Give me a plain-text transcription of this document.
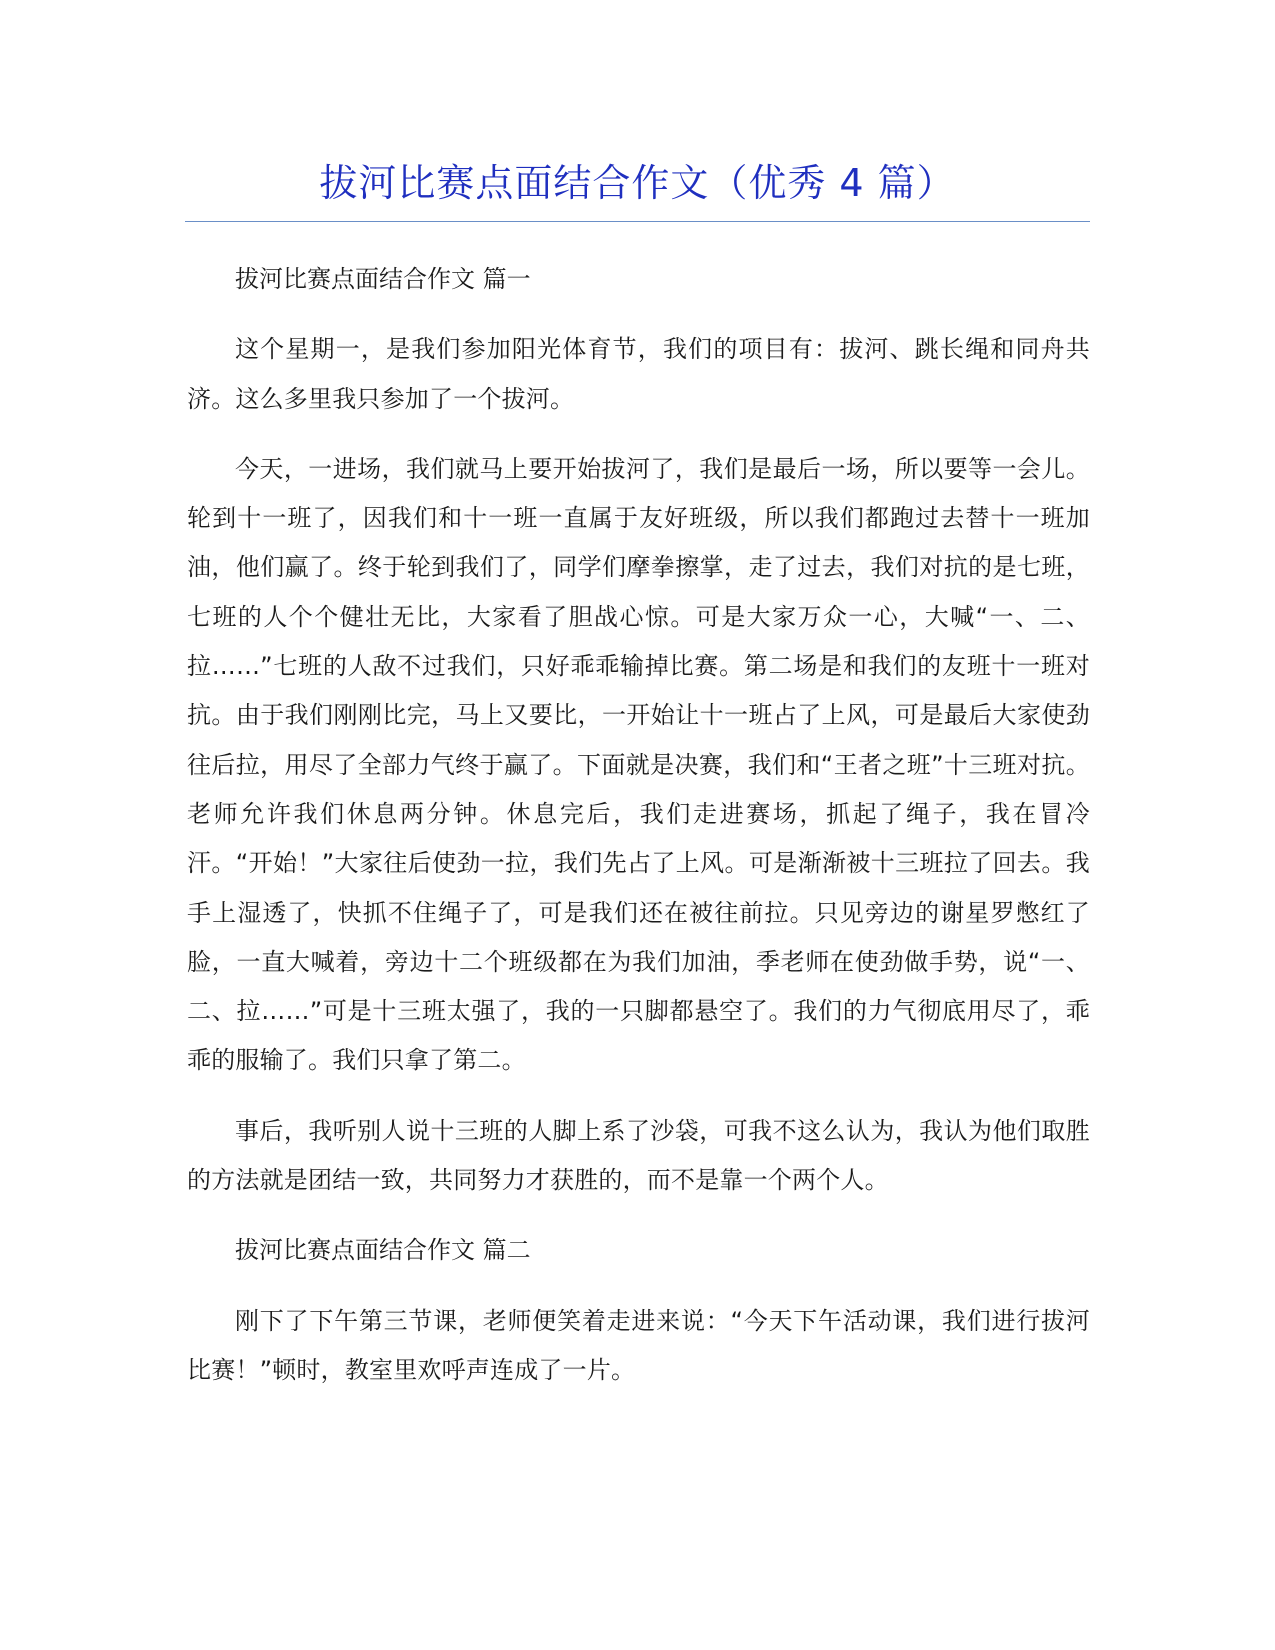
拔河比赛点面结合作文（优秀 4 篇）

拔河比赛点面结合作文 篇一

这个星期一，是我们参加阳光体育节，我们的项目有：拔河、跳长绳和同舟共济。这么多里我只参加了一个拔河。

今天，一进场，我们就马上要开始拔河了，我们是最后一场，所以要等一会儿。轮到十一班了，因我们和十一班一直属于友好班级，所以我们都跑过去替十一班加油，他们赢了。终于轮到我们了，同学们摩拳擦掌，走了过去，我们对抗的是七班，七班的人个个健壮无比，大家看了胆战心惊。可是大家万众一心，大喊“一、二、拉……”七班的人敌不过我们，只好乖乖输掉比赛。第二场是和我们的友班十一班对抗。由于我们刚刚比完，马上又要比，一开始让十一班占了上风，可是最后大家使劲往后拉，用尽了全部力气终于赢了。下面就是决赛，我们和“王者之班”十三班对抗。老师允许我们休息两分钟。休息完后，我们走进赛场，抓起了绳子，我在冒冷汗。“开始！”大家往后使劲一拉，我们先占了上风。可是渐渐被十三班拉了回去。我手上湿透了，快抓不住绳子了，可是我们还在被往前拉。只见旁边的谢星罗憋红了脸，一直大喊着，旁边十二个班级都在为我们加油，季老师在使劲做手势，说“一、二、拉……”可是十三班太强了，我的一只脚都悬空了。我们的力气彻底用尽了，乖乖的服输了。我们只拿了第二。

事后，我听别人说十三班的人脚上系了沙袋，可我不这么认为，我认为他们取胜的方法就是团结一致，共同努力才获胜的，而不是靠一个两个人。

拔河比赛点面结合作文 篇二

刚下了下午第三节课，老师便笑着走进来说：“今天下午活动课，我们进行拔河比赛！”顿时，教室里欢呼声连成了一片。
